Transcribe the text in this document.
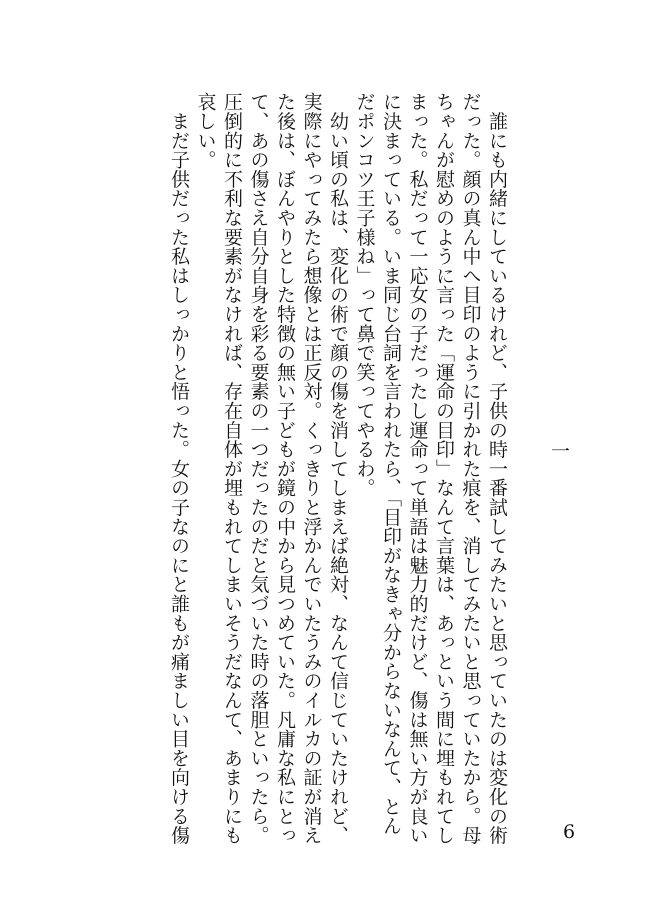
一

　誰にも内緒にしているけれど、子供の時一番試してみたいと思っていたのは変化の術
だった。顔の真ん中へ目印のように引かれた痕を、消してみたいと思っていたから。母
ちゃんが慰めのように言った「運命の目印」なんて言葉は、あっという間に埋もれてし
まった。私だって一応女の子だったし運命って単語は魅力的だけど、傷は無い方が良い
に決まっている。いま同じ台詞を言われたら、「目印がなきゃ分からないなんて、とん
だポンコツ王子様ね」って鼻で笑ってやるわ。

　幼い頃の私は、変化の術で顔の傷を消してしまえば絶対、なんて信じていたけれど、
実際にやってみたら想像とは正反対。くっきりと浮かんでいたうみのイルカの証が消え
た後は、ぼんやりとした特徴の無い子どもが鏡の中から見つめていた。凡庸な私にとっ
て、あの傷さえ自分自身を彩る要素の一つだったのだと気づいた時の落胆といったら。
圧倒的に不利な要素がなければ、存在自体が埋もれてしまいそうだなんて、あまりにも
哀しい。
　まだ子供だった私はしっかりと悟った。女の子なのにと誰もが痛ましい目を向ける傷	6
